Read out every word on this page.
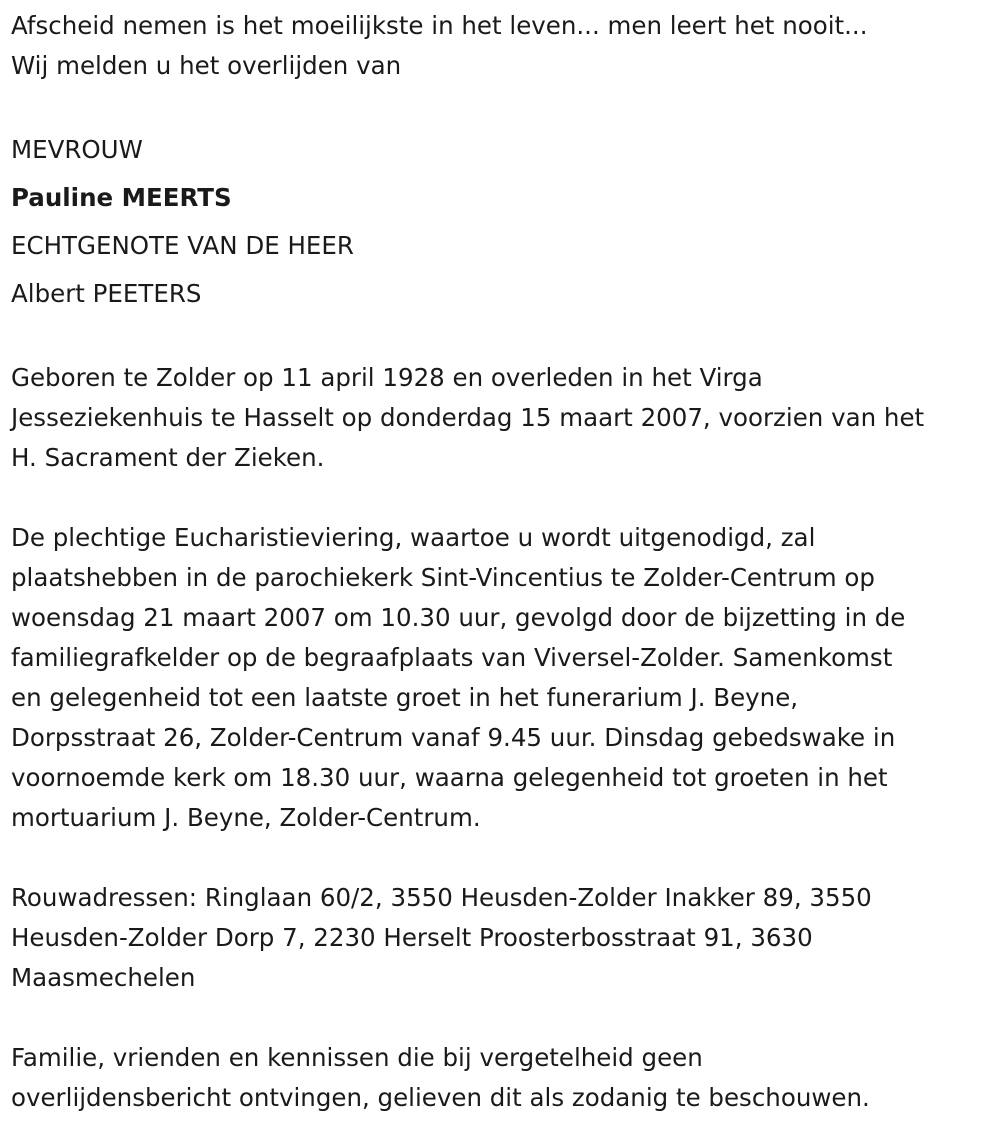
Afscheid nemen is het moeilijkste in het leven... men leert het nooit...
Wij melden u het overlijden van
MEVROUW
Pauline MEERTS
ECHTGENOTE VAN DE HEER
Albert PEETERS
Geboren te Zolder op 11 april 1928 en overleden in het Virga
Jesseziekenhuis te Hasselt op donderdag 15 maart 2007, voorzien van het
H. Sacrament der Zieken.
De plechtige Eucharistieviering, waartoe u wordt uitgenodigd, zal
plaatshebben in de parochiekerk Sint-Vincentius te Zolder-Centrum op
woensdag 21 maart 2007 om 10.30 uur, gevolgd door de bijzetting in de
familiegrafkelder op de begraafplaats van Viversel-Zolder. Samenkomst
en gelegenheid tot een laatste groet in het funerarium J. Beyne,
Dorpsstraat 26, Zolder-Centrum vanaf 9.45 uur. Dinsdag gebedswake in
voornoemde kerk om 18.30 uur, waarna gelegenheid tot groeten in het
mortuarium J. Beyne, Zolder-Centrum.
Rouwadressen: Ringlaan 60/2, 3550 Heusden-Zolder Inakker 89, 3550
Heusden-Zolder Dorp 7, 2230 Herselt Proosterbosstraat 91, 3630
Maasmechelen
Familie, vrienden en kennissen die bij vergetelheid geen
overlijdensbericht ontvingen, gelieven dit als zodanig te beschouwen.
